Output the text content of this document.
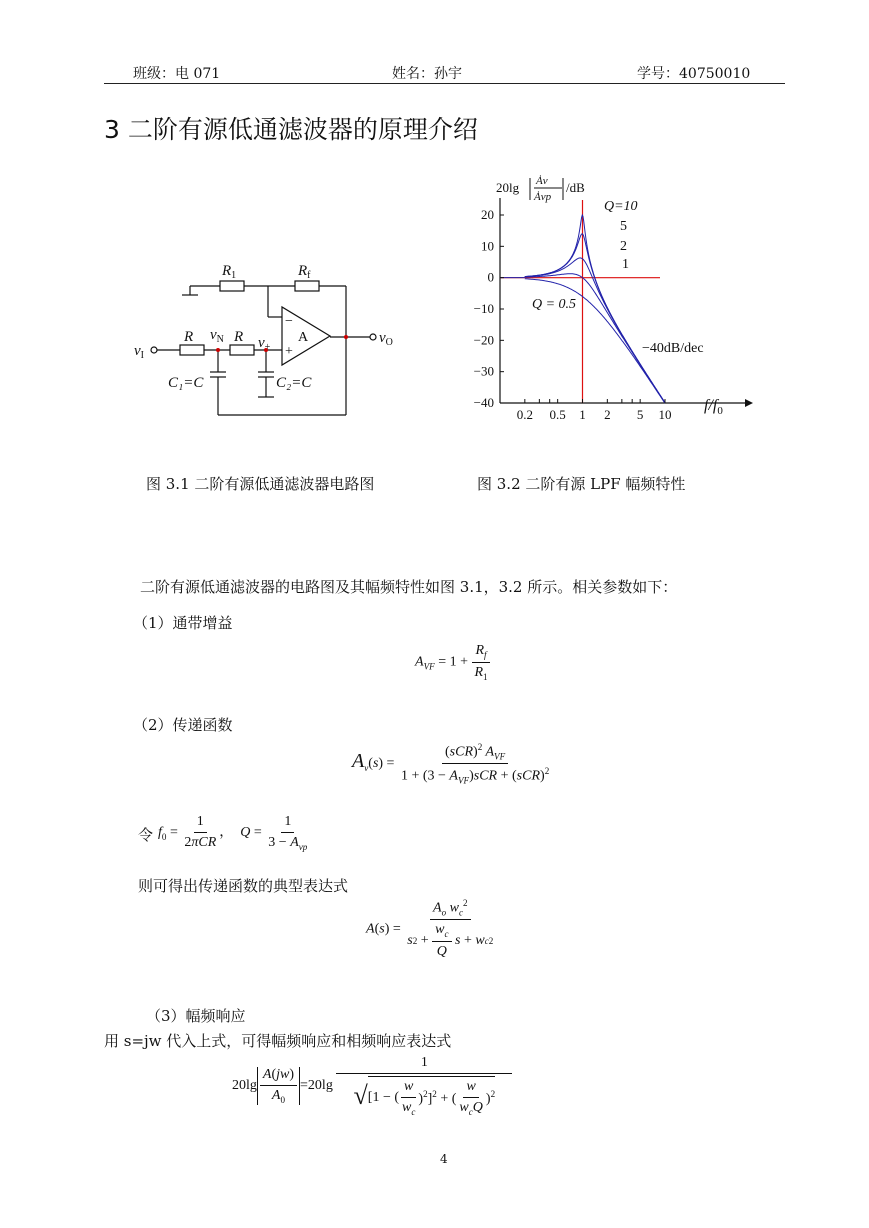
班级：电 071	姓名：孙宇	学号：40750010
3 二阶有源低通滤波器的原理介绍
$R_1$	$R_f$
R	R
$v_N$ $v_+$
$v_I$
$v_O$
C₁=C	C₂=C
A
−
+
20lg Ȧv
Ȧvp
/dB
20
10
0
−10
−20
−30
−40
0.2 0.5 1 2 5 10
Q=10
5
2
1
Q = 0.5
−40dB/dec
$f/f_0$
图 3.1 二阶有源低通滤波器电路图	图 3.2 二阶有源 LPF 幅频特性
二阶有源低通滤波器的电路图及其幅频特性如图 3.1，3.2 所示。相关参数如下：
（1）通带增益
$A_{VF} = 1 + \frac{R_f}{R_1}$
（2）传递函数
$A_v(s) = \frac{(sCR)^2 A_{VF}}{1 + (3 - A_{VF})sCR + (sCR)^2}$
令 $f_0 = \frac{1}{\text{2πCR}}$ ，  $Q = \frac{1}{3 - A_{vp}}$
则可得出传递函数的典型表达式
$A(s) = \frac{A_o w_c^2}{s 2 + \frac{w_c}{Q} s + w c 2}$
（3）幅频响应
用 s=jw 代入上式，可得幅频响应和相频响应表达式
$20\lg \frac{A(jw)}{A_0} =20\lg \frac{1}{√ [1 - ( \frac{w}{w_c} )^2]^2 + ( \frac{w}{w_cQ} )^2}$
4
